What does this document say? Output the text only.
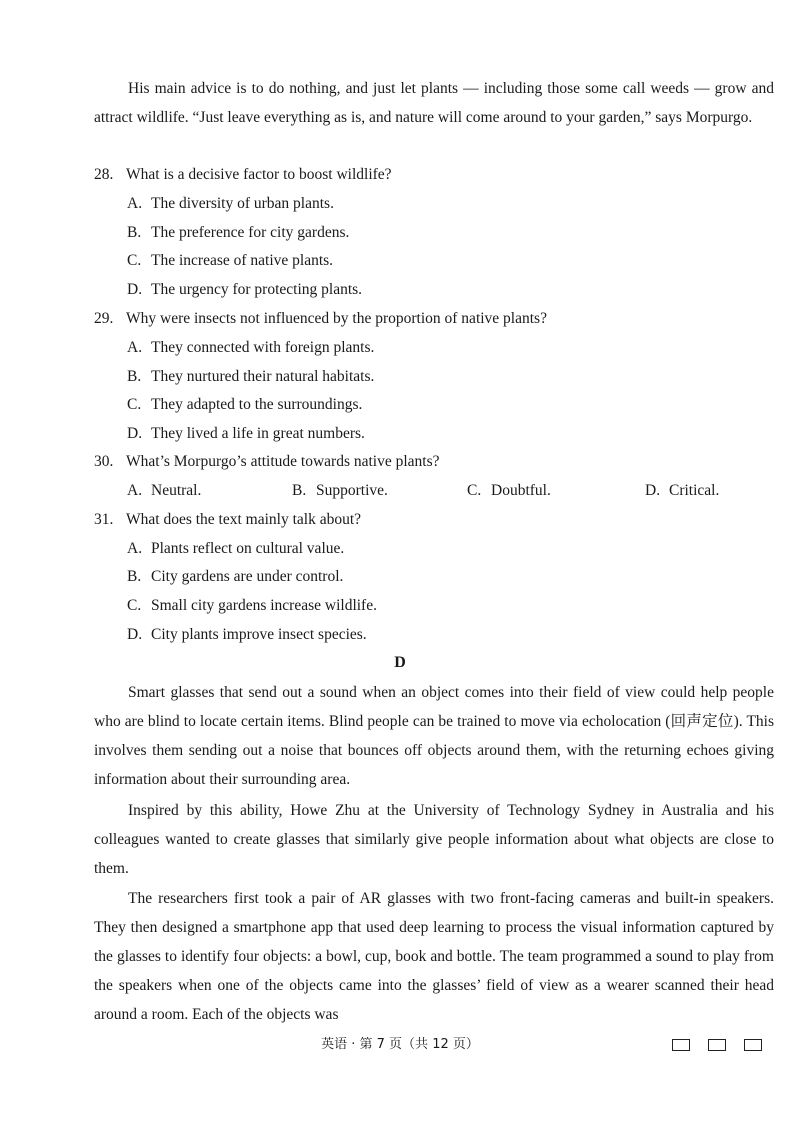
His main advice is to do nothing, and just let plants — including those some call weeds — grow and attract wildlife. “Just leave everything as is, and nature will come around to your garden,” says Morpurgo.

28. What is a decisive factor to boost wildlife?

A. The diversity of urban plants.

B. The preference for city gardens.

C. The increase of native plants.

D. The urgency for protecting plants.

29. Why were insects not influenced by the proportion of native plants?

A. They connected with foreign plants.

B. They nurtured their natural habitats.

C. They adapted to the surroundings.

D. They lived a life in great numbers.

30. What’s Morpurgo’s attitude towards native plants?

A. Neutral.	B. Supportive.	C. Doubtful.	D. Critical.

31. What does the text mainly talk about?

A. Plants reflect on cultural value.

B. City gardens are under control.

C. Small city gardens increase wildlife.

D. City plants improve insect species.

D

Smart glasses that send out a sound when an object comes into their field of view could help people who are blind to locate certain items. Blind people can be trained to move via echolocation (回声定位). This involves them sending out a noise that bounces off objects around them, with the returning echoes giving information about their surrounding area.

Inspired by this ability, Howe Zhu at the University of Technology Sydney in Australia and his colleagues wanted to create glasses that similarly give people information about what objects are close to them.

The researchers first took a pair of AR glasses with two front-facing cameras and built-in speakers. They then designed a smartphone app that used deep learning to process the visual information captured by the glasses to identify four objects: a bowl, cup, book and bottle. The team programmed a sound to play from the speakers when one of the objects came into the glasses’ field of view as a wearer scanned their head around a room. Each of the objects was

英语 · 第 7 页（共 12 页）
